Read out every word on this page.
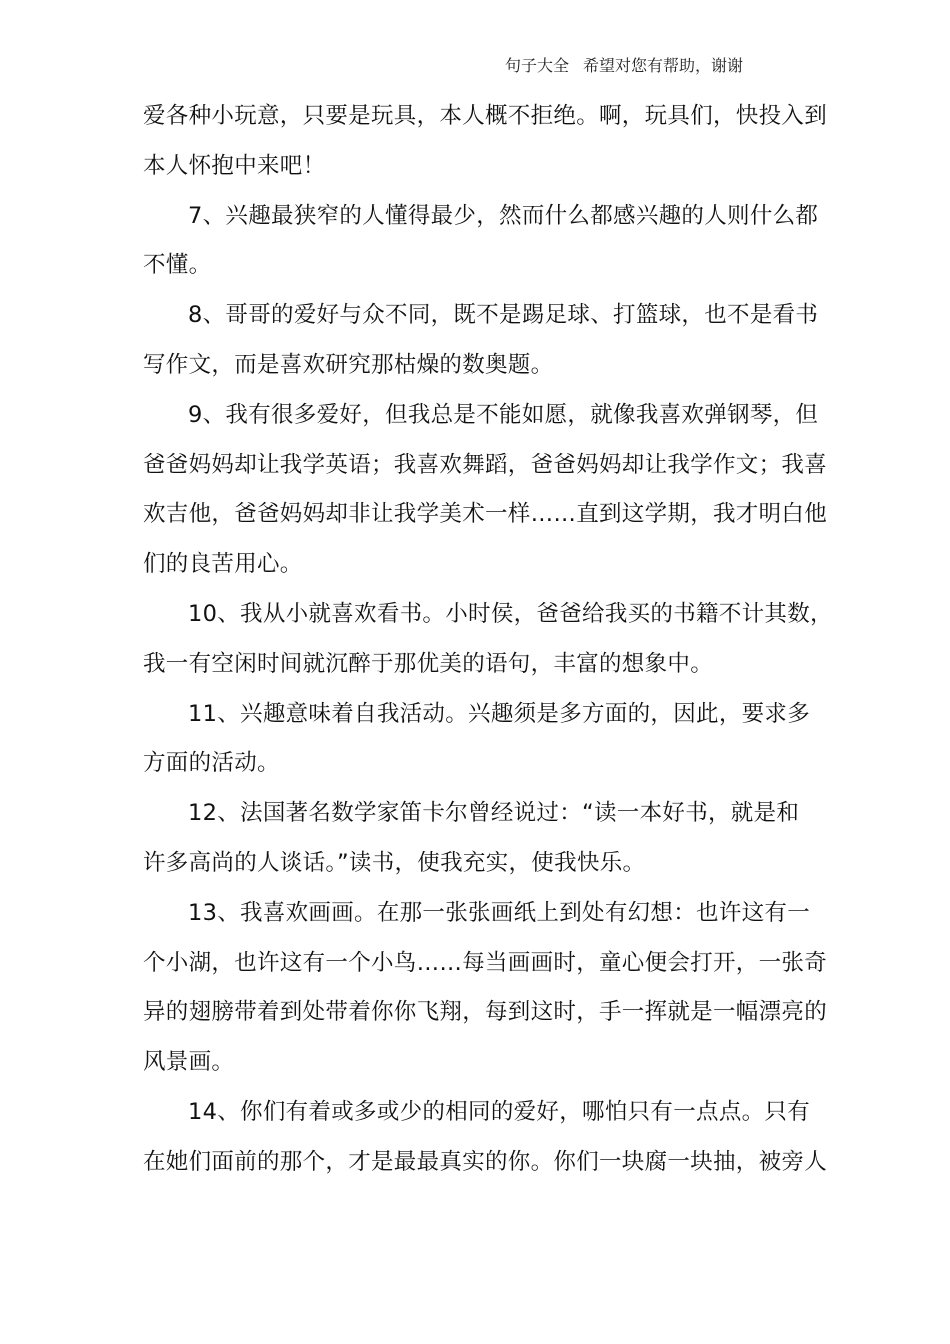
句子大全 希望对您有帮助，谢谢
爱各种小玩意，只要是玩具，本人概不拒绝。啊，玩具们，快投入到
本人怀抱中来吧！
7、兴趣最狭窄的人懂得最少，然而什么都感兴趣的人则什么都
不懂。
8、哥哥的爱好与众不同，既不是踢足球、打篮球，也不是看书
写作文，而是喜欢研究那枯燥的数奥题。
9、我有很多爱好，但我总是不能如愿，就像我喜欢弹钢琴，但
爸爸妈妈却让我学英语；我喜欢舞蹈，爸爸妈妈却让我学作文；我喜
欢吉他，爸爸妈妈却非让我学美术一样……直到这学期，我才明白他
们的良苦用心。
10、我从小就喜欢看书。小时侯，爸爸给我买的书籍不计其数，
我一有空闲时间就沉醉于那优美的语句，丰富的想象中。
11、兴趣意味着自我活动。兴趣须是多方面的，因此，要求多
方面的活动。
12、法国著名数学家笛卡尔曾经说过：“读一本好书，就是和
许多高尚的人谈话。”读书，使我充实，使我快乐。
13、我喜欢画画。在那一张张画纸上到处有幻想：也许这有一
个小湖，也许这有一个小鸟……每当画画时，童心便会打开，一张奇
异的翅膀带着到处带着你你飞翔，每到这时，手一挥就是一幅漂亮的
风景画。
14、你们有着或多或少的相同的爱好，哪怕只有一点点。只有
在她们面前的那个，才是最最真实的你。你们一块腐一块抽，被旁人
